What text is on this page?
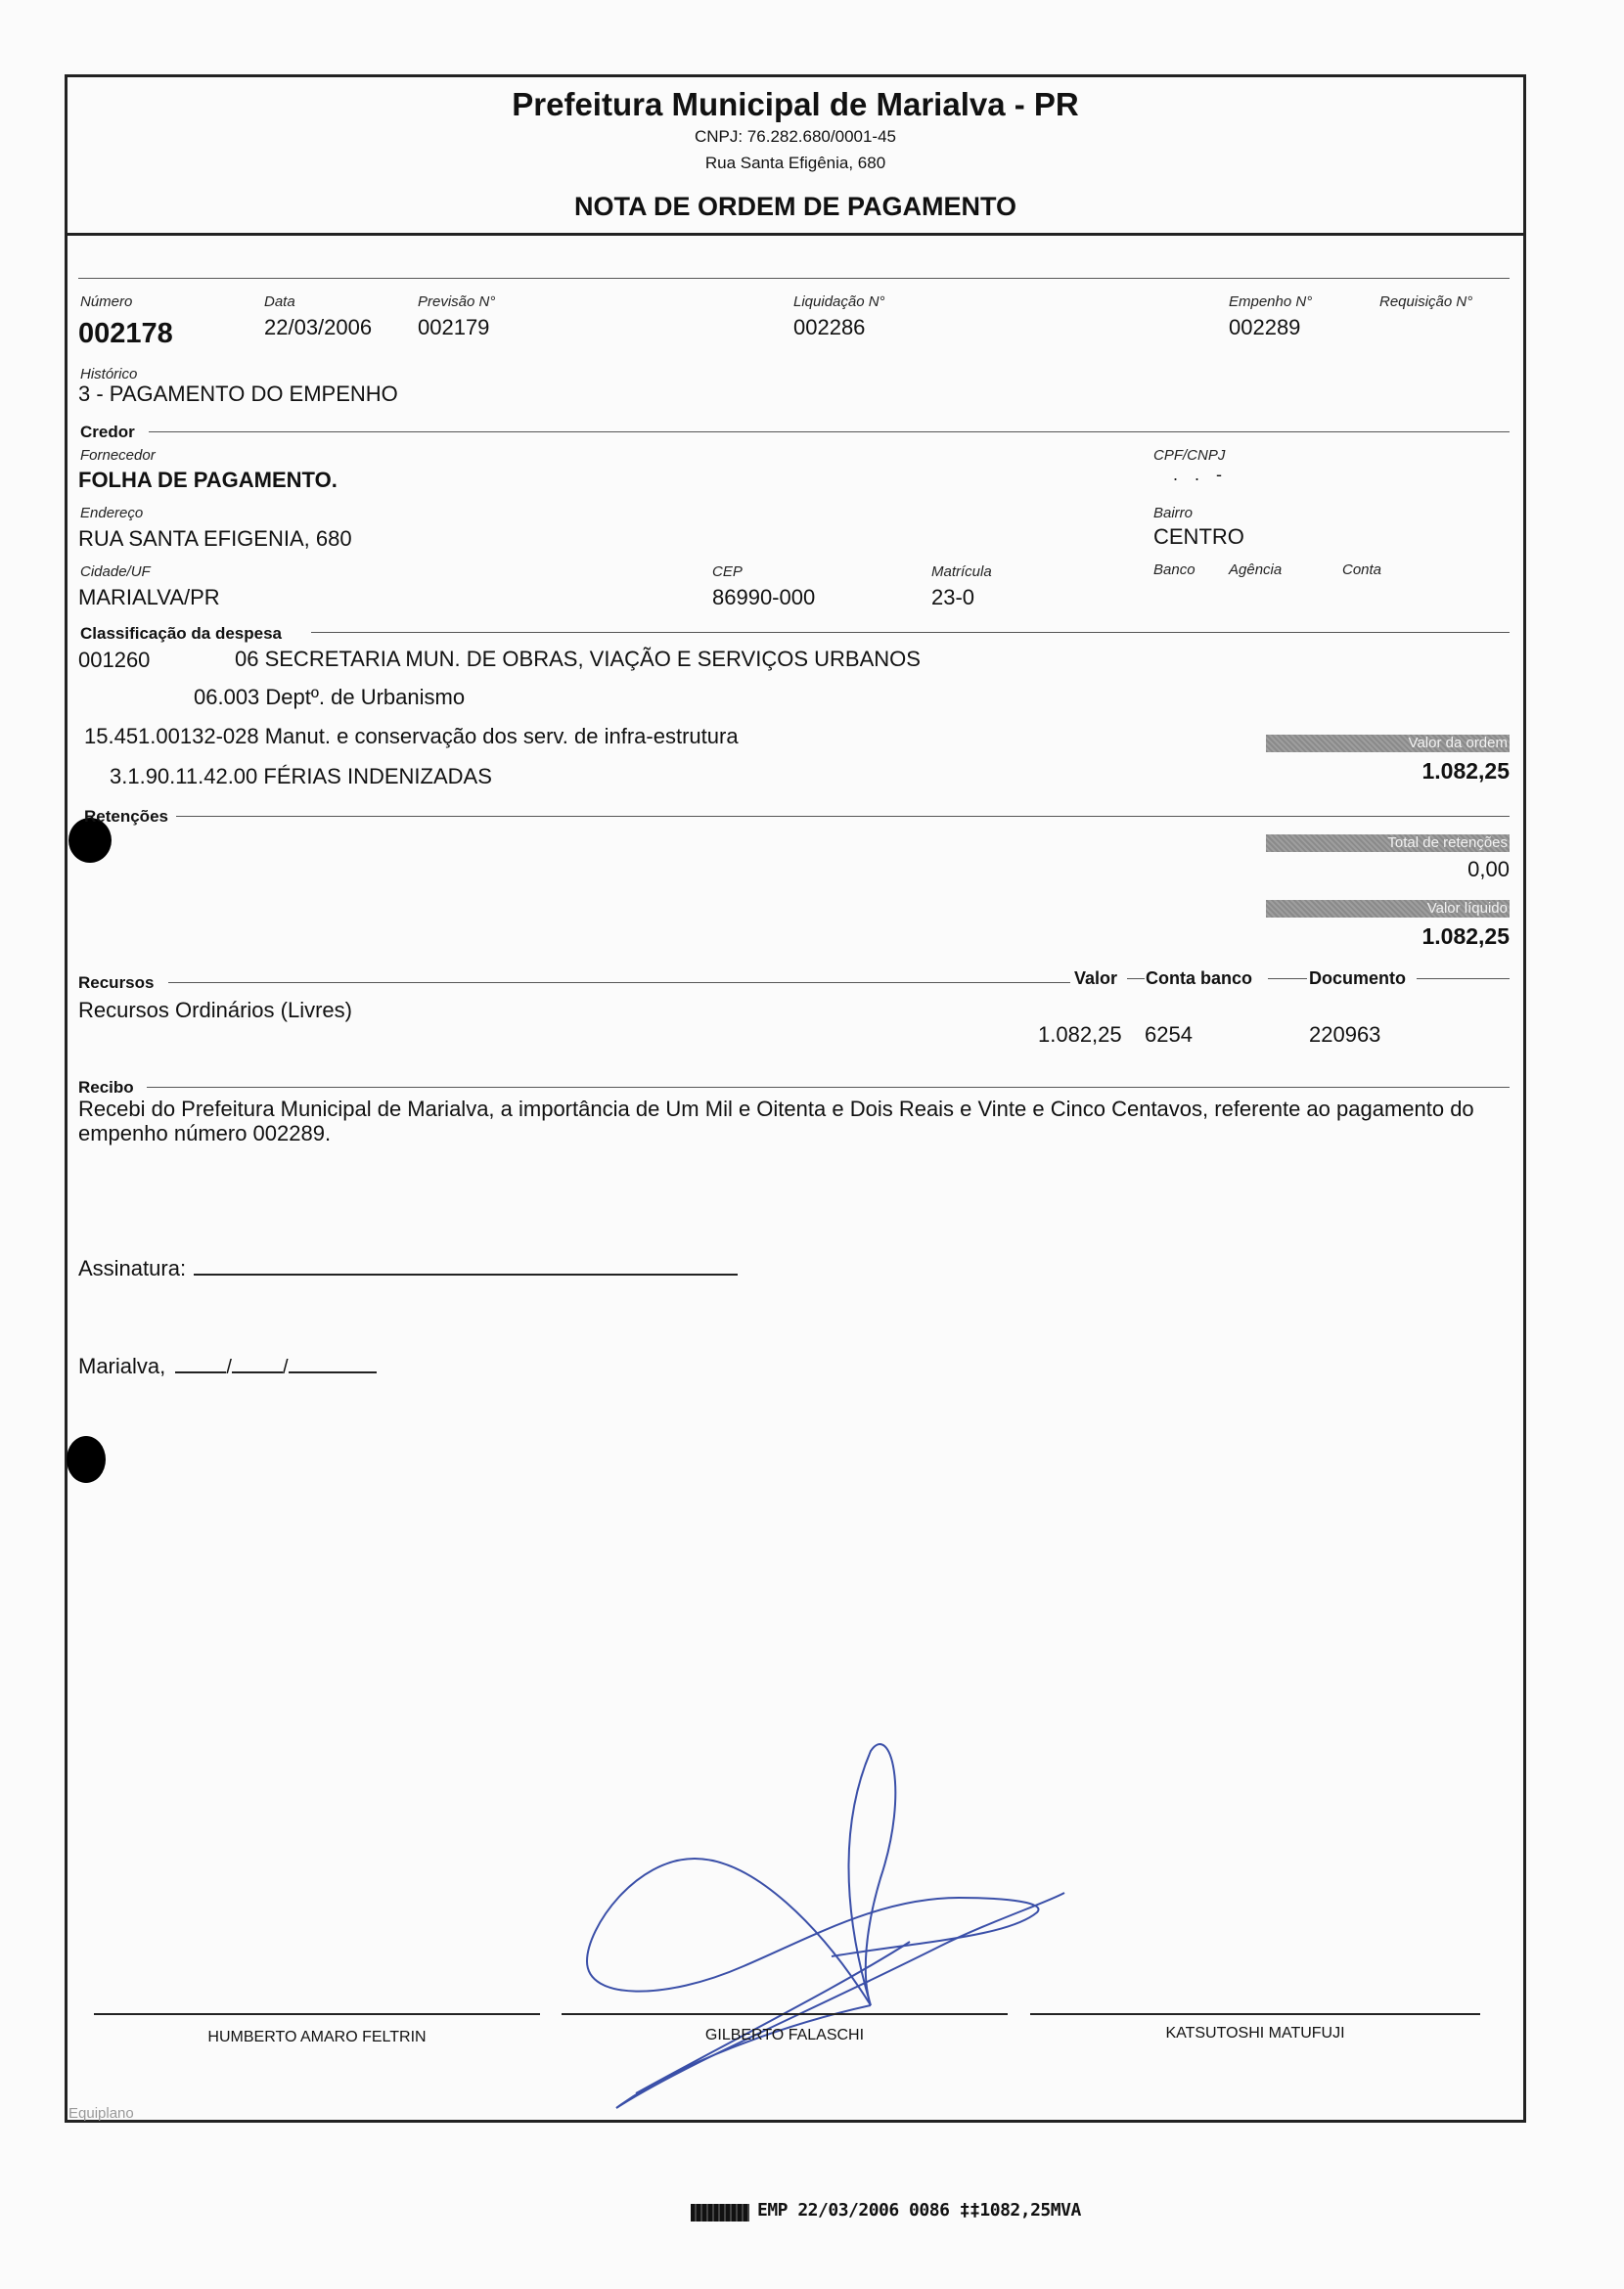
Prefeitura Municipal de Marialva - PR
CNPJ: 76.282.680/0001-45
Rua Santa Efigênia, 680
NOTA DE ORDEM DE PAGAMENTO
Número
002178
Data
22/03/2006
Previsão N°
002179
Liquidação N°
002286
Empenho N°
002289
Requisição N°
Histórico
3 - PAGAMENTO DO EMPENHO
Credor
Fornecedor
FOLHA DE PAGAMENTO.
CPF/CNPJ
. . -
Endereço
RUA SANTA EFIGENIA, 680
Bairro
CENTRO
Cidade/UF
MARIALVA/PR
CEP
86990-000
Matrícula
23-0
Banco Agência	Conta
Classificação da despesa
001260	06 SECRETARIA MUN. DE OBRAS, VIAÇÃO E SERVIÇOS URBANOS
06.003 Deptº. de Urbanismo
15.451.00132-028 Manut. e conservação dos serv. de infra-estrutura
3.1.90.11.42.00 FÉRIAS INDENIZADAS
Valor da ordem
1.082,25
Retenções
Total de retenções
0,00
Valor líquido
1.082,25
Recursos	Valor Conta banco	Documento
Recursos Ordinários (Livres)
1.082,25 6254	220963
Recibo
Recebi do Prefeitura Municipal de Marialva, a importância de Um Mil e Oitenta e Dois Reais e Vinte e Cinco Centavos, referente ao pagamento do empenho número 002289.
Assinatura:
Marialva,	/	/
HUMBERTO AMARO FELTRIN	GILBERTO FALASCHI	KATSUTOSHI MATUFUJI
Equiplano
EMP 22/03/2006 0086 ‡‡1082,25ΜVΑ
